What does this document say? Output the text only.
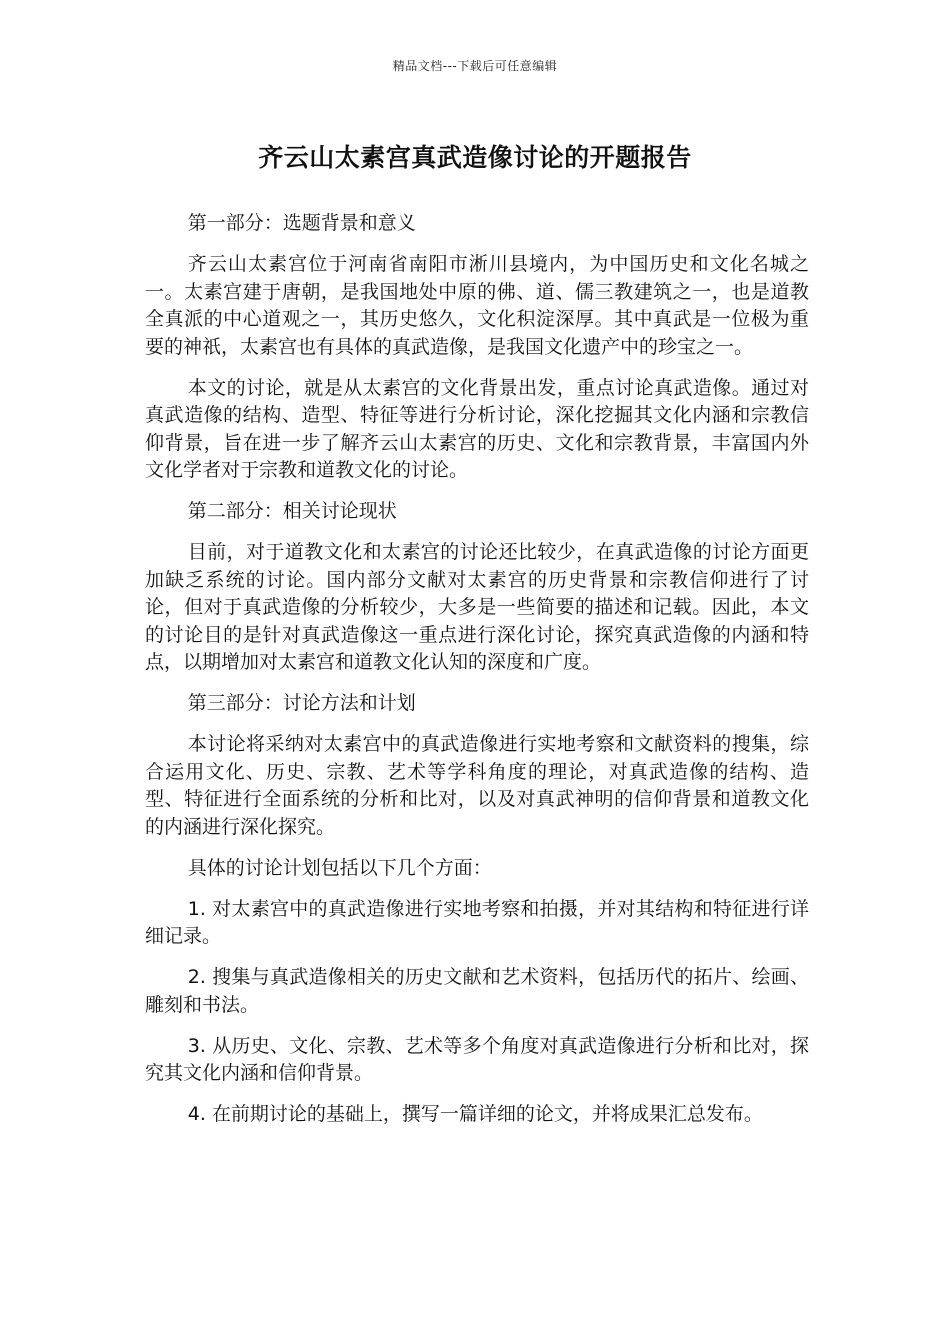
精品文档---下载后可任意编辑
齐云山太素宫真武造像讨论的开题报告

第一部分：选题背景和意义

齐云山太素宫位于河南省南阳市淅川县境内，为中国历史和文化名城之一。太素宫建于唐朝，是我国地处中原的佛、道、儒三教建筑之一，也是道教全真派的中心道观之一，其历史悠久，文化积淀深厚。其中真武是一位极为重要的神祇，太素宫也有具体的真武造像，是我国文化遗产中的珍宝之一。

本文的讨论，就是从太素宫的文化背景出发，重点讨论真武造像。通过对真武造像的结构、造型、特征等进行分析讨论，深化挖掘其文化内涵和宗教信仰背景，旨在进一步了解齐云山太素宫的历史、文化和宗教背景，丰富国内外文化学者对于宗教和道教文化的讨论。

第二部分：相关讨论现状

目前，对于道教文化和太素宫的讨论还比较少，在真武造像的讨论方面更加缺乏系统的讨论。国内部分文献对太素宫的历史背景和宗教信仰进行了讨论，但对于真武造像的分析较少，大多是一些简要的描述和记载。因此，本文的讨论目的是针对真武造像这一重点进行深化讨论，探究真武造像的内涵和特点，以期增加对太素宫和道教文化认知的深度和广度。

第三部分：讨论方法和计划

本讨论将采纳对太素宫中的真武造像进行实地考察和文献资料的搜集，综合运用文化、历史、宗教、艺术等学科角度的理论，对真武造像的结构、造型、特征进行全面系统的分析和比对，以及对真武神明的信仰背景和道教文化的内涵进行深化探究。

具体的讨论计划包括以下几个方面：

1. 对太素宫中的真武造像进行实地考察和拍摄，并对其结构和特征进行详细记录。

2. 搜集与真武造像相关的历史文献和艺术资料，包括历代的拓片、绘画、雕刻和书法。

3. 从历史、文化、宗教、艺术等多个角度对真武造像进行分析和比对，探究其文化内涵和信仰背景。

4. 在前期讨论的基础上，撰写一篇详细的论文，并将成果汇总发布。
